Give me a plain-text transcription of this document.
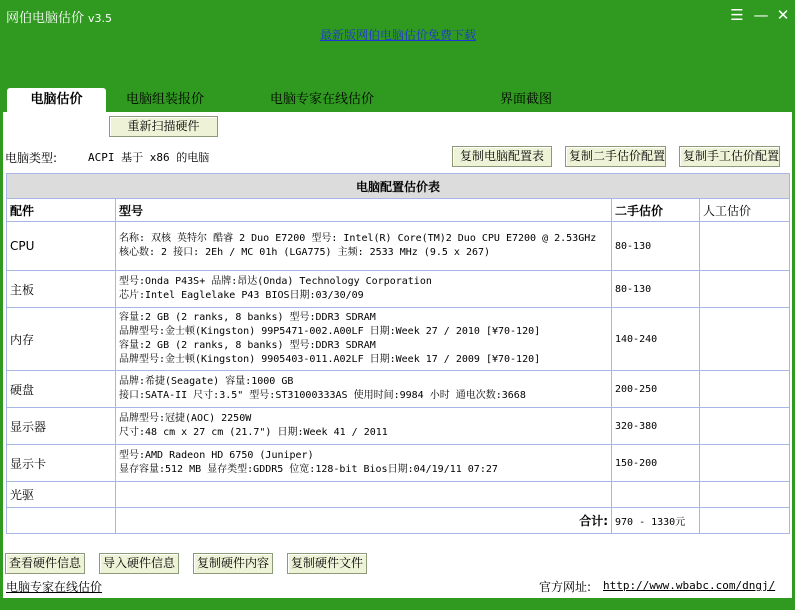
网伯电脑估价 v3.5	☰ — ✕
最新版网伯电脑估价免费下载
电脑估价	电脑组装报价	电脑专家在线估价	界面截图
重新扫描硬件
电脑类型:	ACPI 基于 x86 的电脑	复制电脑配置表	复制二手估价配置	复制手工估价配置
电脑配置估价表			
配件	型号	二手估价	人工估价
CPU	名称: 双核 英特尔 酷睿 2 Duo E7200 型号: Intel(R) Core(TM)2 Duo CPU E7200 @ 2.53GHz
核心数: 2 接口: 2Eh / MC 01h (LGA775) 主频: 2533 MHz (9.5 x 267)	80-130	
主板	型号:Onda P43S+ 品牌:昂达(Onda) Technology Corporation
芯片:Intel Eaglelake P43 BIOS日期:03/30/09	80-130	
内存	容量:2 GB (2 ranks, 8 banks) 型号:DDR3 SDRAM
品牌型号:金士顿(Kingston) 99P5471-002.A00LF 日期:Week 27 / 2010 [¥70-120]
容量:2 GB (2 ranks, 8 banks) 型号:DDR3 SDRAM
品牌型号:金士顿(Kingston) 9905403-011.A02LF 日期:Week 17 / 2009 [¥70-120]	140-240	
硬盘	品牌:希捷(Seagate) 容量:1000 GB
接口:SATA-II 尺寸:3.5" 型号:ST31000333AS 使用时间:9984 小时 通电次数:3668	200-250	
显示器	品牌型号:冠捷(AOC) 2250W
尺寸:48 cm x 27 cm (21.7") 日期:Week 41 / 2011	320-380	
显示卡	型号:AMD Radeon HD 6750 (Juniper)
显存容量:512 MB 显存类型:GDDR5 位宽:128-bit Bios日期:04/19/11 07:27	150-200	
光驱			
	合计:	970 - 1330元	
查看硬件信息	导入硬件信息	复制硬件内容	复制硬件文件
电脑专家在线估价	官方网址: http://www.wbabc.com/dngj/
